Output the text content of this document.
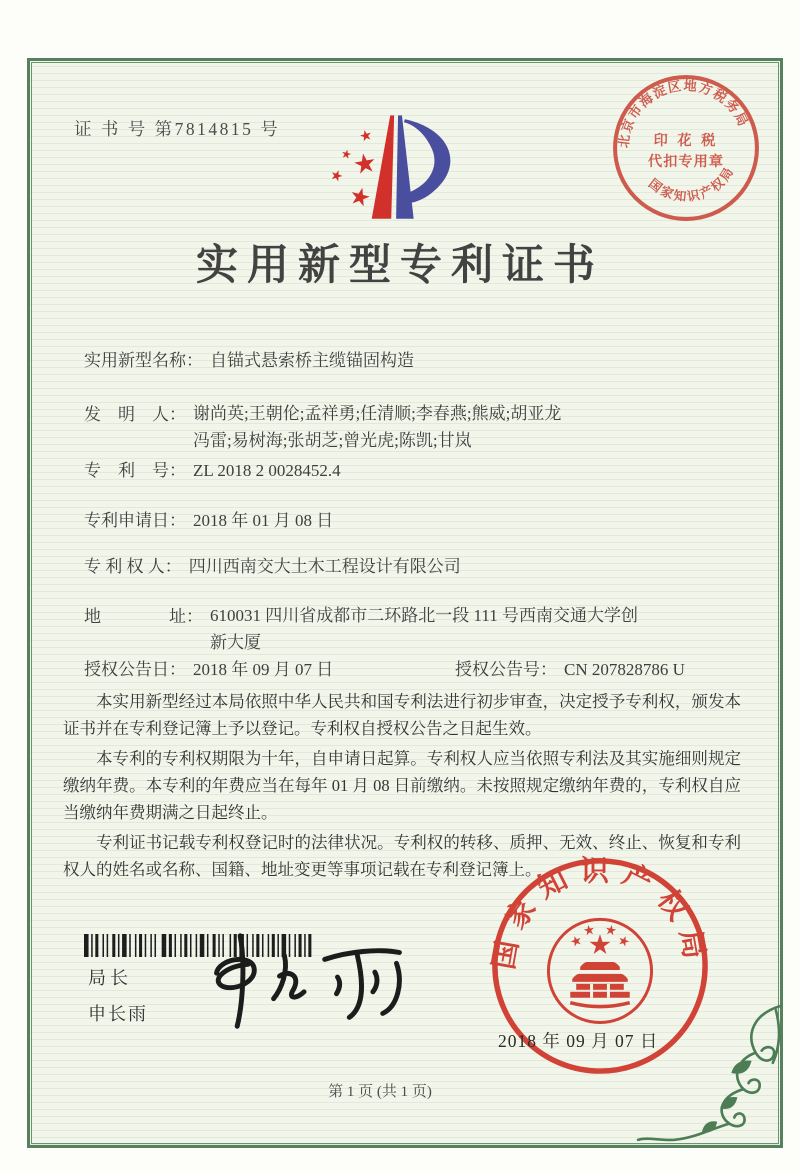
证 书 号 第7814815 号
北京市海淀区地方税务局
国家知识产权局
印 花 税
代扣专用章
实用新型专利证书
实用新型名称： 自锚式悬索桥主缆锚固构造
发　明　人： 谢尚英;王朝伦;孟祥勇;任清顺;李春燕;熊威;胡亚龙
冯雷;易树海;张胡芝;曾光虎;陈凯;甘岚
专　利　号： ZL 2018 2 0028452.4
专利申请日： 2018 年 01 月 08 日
专 利 权 人： 四川西南交大土木工程设计有限公司
地　　　　址： 610031 四川省成都市二环路北一段 111 号西南交通大学创
新大厦
授权公告日： 2018 年 09 月 07 日	授权公告号： CN 207828786 U

本实用新型经过本局依照中华人民共和国专利法进行初步审查，决定授予专利权，颁发本证书并在专利登记簿上予以登记。专利权自授权公告之日起生效。

本专利的专利权期限为十年，自申请日起算。专利权人应当依照专利法及其实施细则规定缴纳年费。本专利的年费应当在每年 01 月 08 日前缴纳。未按照规定缴纳年费的，专利权自应当缴纳年费期满之日起终止。

专利证书记载专利权登记时的法律状况。专利权的转移、质押、无效、终止、恢复和专利权人的姓名或名称、国籍、地址变更等事项记载在专利登记簿上。

局长
申长雨
国家知识产权局
2018 年 09 月 07 日
第 1 页 (共 1 页)
